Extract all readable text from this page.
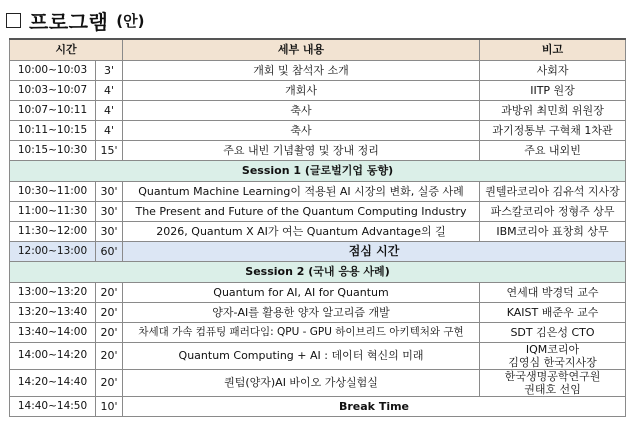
프로그램 (안)
시간		세부 내용	비고
10:00~10:03	3'	개회 및 참석자 소개	사회자
10:03~10:07	4'	개회사	IITP 원장
10:07~10:11	4'	축사	과방위 최민희 위원장
10:11~10:15	4'	축사	과기정통부 구혁채 1차관
10:15~10:30	15'	주요 내빈 기념촬영 및 장내 정리	주요 내외빈
Session 1 (글로벌기업 동향)			
10:30~11:00	30'	Quantum Machine Learning이 적용된 AI 시장의 변화, 실증 사례	퀀텔라코리아 김유석 지사장
11:00~11:30	30'	The Present and Future of the Quantum Computing Industry	파스칼코리아 정형주 상무
11:30~12:00	30'	2026, Quantum X AI가 여는 Quantum Advantage의 길	IBM코리아 표창희 상무
12:00~13:00	60'	점심 시간	
Session 2 (국내 응용 사례)			
13:00~13:20	20'	Quantum for AI, AI for Quantum	연세대 박경덕 교수
13:20~13:40	20'	양자-AI를 활용한 양자 알고리즘 개발	KAIST 배준우 교수
13:40~14:00	20'	차세대 가속 컴퓨팅 패러다임: QPU - GPU 하이브리드 아키텍처와 구현	SDT 김은성 CTO
14:00~14:20	20'	Quantum Computing + AI : 데이터 혁신의 미래	IQM코리아
김영심 한국지사장

14:20~14:40	20'	퀀텀(양자)AI 바이오 가상실험실	한국생명공학연구원
권태호 선임

14:40~14:50	10'	Break Time	
